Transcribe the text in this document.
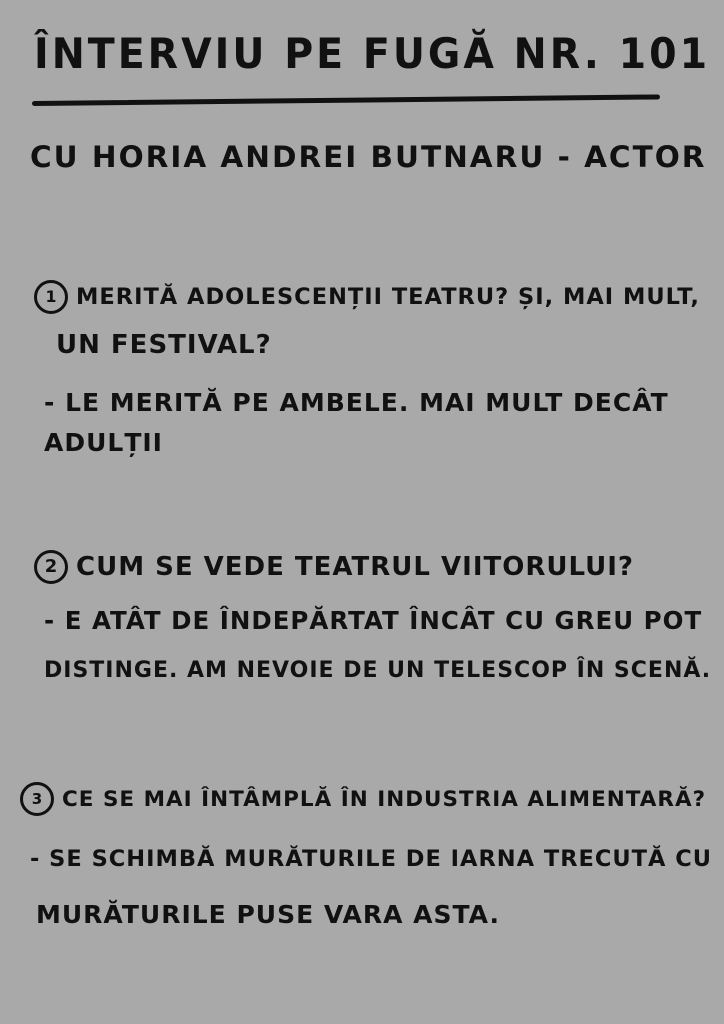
ÎNTERVIU PE FUGĂ NR. 101
CU HORIA ANDREI BUTNARU - ACTOR
1 MERITĂ ADOLESCENȚII TEATRU? ȘI, MAI MULT,
UN FESTIVAL?
- LE MERITĂ PE AMBELE. MAI MULT DECÂT
ADULȚII
2 CUM SE VEDE TEATRUL VIITORULUI?
- E ATÂT DE ÎNDEPĂRTAT ÎNCÂT CU GREU POT
DISTINGE. AM NEVOIE DE UN TELESCOP ÎN SCENĂ.
3 CE SE MAI ÎNTÂMPLĂ ÎN INDUSTRIA ALIMENTARĂ?
- SE SCHIMBĂ MURĂTURILE DE IARNA TRECUTĂ CU
MURĂTURILE PUSE VARA ASTA.
